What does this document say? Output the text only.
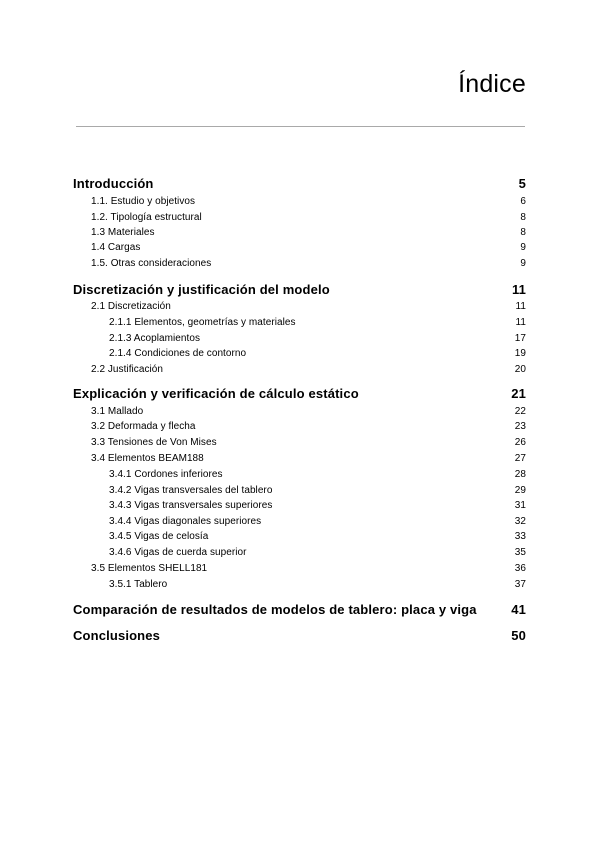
Índice
Introducción	5
1.1. Estudio y objetivos	6
1.2. Tipología estructural	8
1.3 Materiales	8
1.4 Cargas	9
1.5. Otras consideraciones	9
Discretización y justificación del modelo	11
2.1 Discretización	11
2.1.1 Elementos, geometrías y materiales	11
2.1.3 Acoplamientos	17
2.1.4 Condiciones de contorno	19
2.2 Justificación	20
Explicación y verificación de cálculo estático	21
3.1 Mallado	22
3.2 Deformada y flecha	23
3.3 Tensiones de Von Mises	26
3.4 Elementos BEAM188	27
3.4.1 Cordones inferiores	28
3.4.2 Vigas transversales del tablero	29
3.4.3 Vigas transversales superiores	31
3.4.4 Vigas diagonales superiores	32
3.4.5 Vigas de celosía	33
3.4.6 Vigas de cuerda superior	35
3.5 Elementos SHELL181	36
3.5.1 Tablero	37
Comparación de resultados de modelos de tablero: placa y viga	41
Conclusiones	50
